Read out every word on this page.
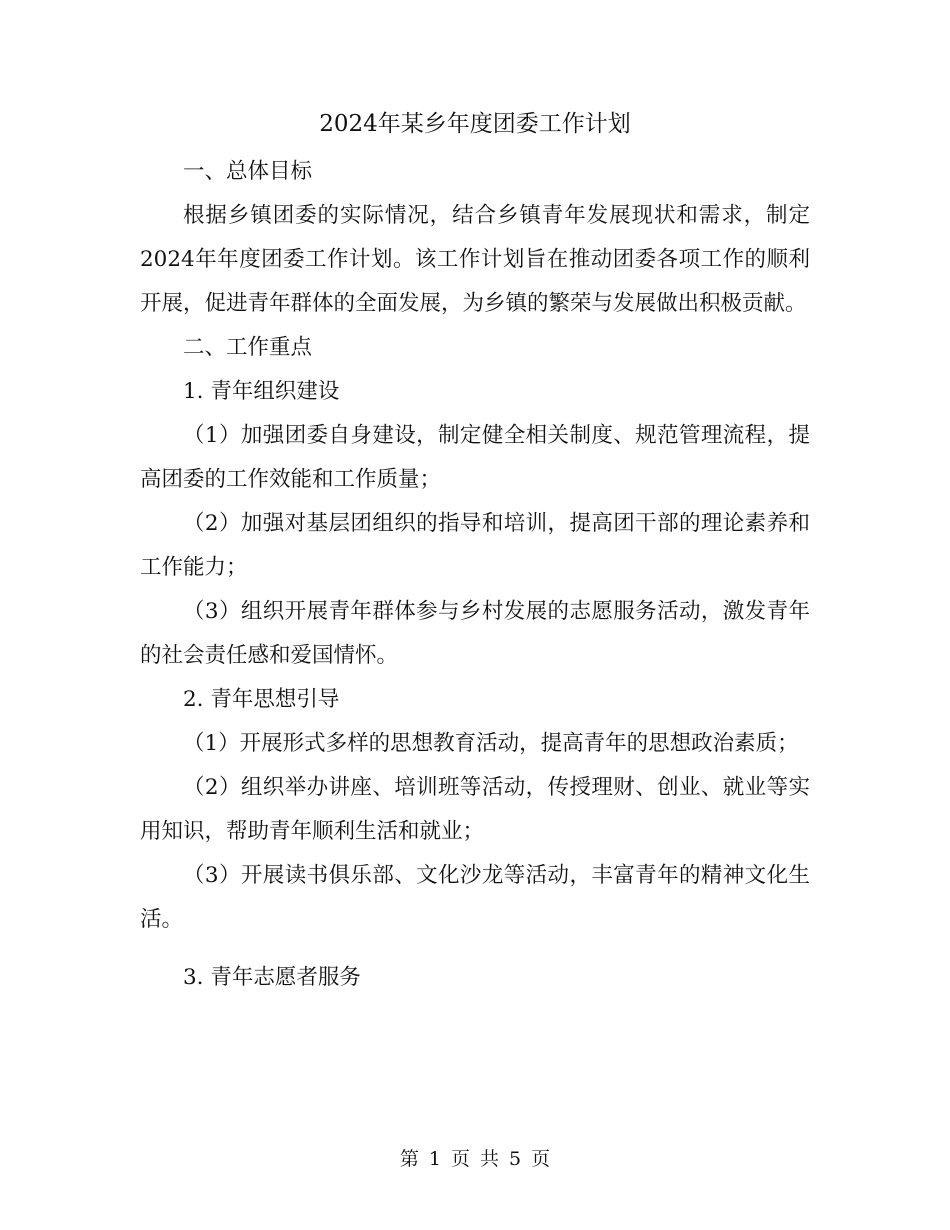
2024年某乡年度团委工作计划

一、总体目标

根据乡镇团委的实际情况，结合乡镇青年发展现状和需求，制定2024年年度团委工作计划。该工作计划旨在推动团委各项工作的顺利开展，促进青年群体的全面发展，为乡镇的繁荣与发展做出积极贡献。

二、工作重点

1. 青年组织建设

（1）加强团委自身建设，制定健全相关制度、规范管理流程，提高团委的工作效能和工作质量；

（2）加强对基层团组织的指导和培训，提高团干部的理论素养和工作能力；

（3）组织开展青年群体参与乡村发展的志愿服务活动，激发青年的社会责任感和爱国情怀。

2. 青年思想引导

（1）开展形式多样的思想教育活动，提高青年的思想政治素质；

（2）组织举办讲座、培训班等活动，传授理财、创业、就业等实用知识，帮助青年顺利生活和就业；

（3）开展读书俱乐部、文化沙龙等活动，丰富青年的精神文化生活。

3. 青年志愿者服务

第 1 页 共 5 页
